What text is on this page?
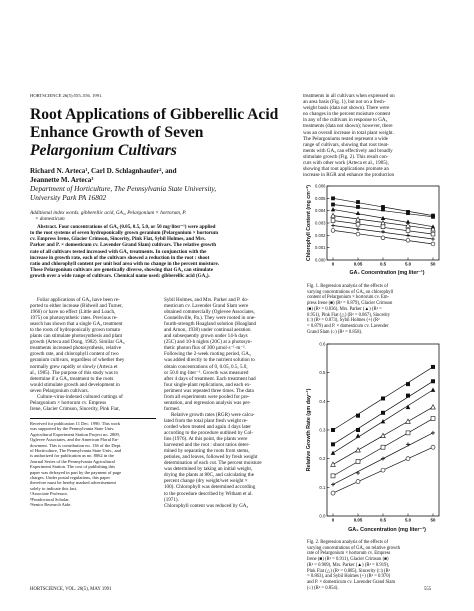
HORTSCIENCE 26(5):555–556. 1991.
Root Applications of Gibberellic Acid
Enhance Growth of Seven
Pelargonium Cultivars
Richard N. Arteca¹, Carl D. Schlagnhaufer², and
Jeannette M. Arteca³
Department of Horticulture, The Pennsylvania State University,
University Park PA 16802
Additional index words. gibberellic acid, GA₃, Pelargonium × hortorum, P.
× domesticum
Abstract. Four concentrations of GA₃ (0.05, 0.5, 5.0, or 50 mg·liter⁻¹) were applied
to the root systems of seven hydroponically grown geranium (Pelargonium × hortorum
cv. Empress Irene, Glacier Crimson, Sincerity, Pink Fiat, Sybil Holmes, and Mrs.
Parker and P. × domesticum cv. Lavender Grand Slam) cultivars. The relative growth
rate of all cultivars tested increased with GA₃ treatments. In conjunction with the
increase in growth rate, each of the cultivars showed a reduction in the root : shoot
ratio and chlorophyll content per unit leaf area with no change in the percent moisture.
These Pelargonium cultivars are genetically diverse, showing that GA₃ can stimulate
growth over a wide range of cultivars. Chemical name used: gibberellic acid (GA₃).
Foliar applications of GA₃ have been re-
ported to either increase (Bidwell and Turner,
1966) or have no effect (Little and Loach,
1975) on photosynthetic rates. Previous re-
search has shown that a single GA₃ treatment
to the roots of hydroponically grown tomato
plants can stimulate photosynthesis and plant
growth (Arteca and Dong, 1982). Similar GA₃
treatments increased photosynthesis, relative
growth rate, and chlorophyll content of two
geranium cultivars, regardless of whether they
normally grew rapidly or slowly (Arteca et
al., 1985). The purpose of this study was to
determine if a GA₃ treatment to the roots
would stimulate growth and development in
seven Pelargonium cultivars.
Culture-virus-indexed cultured cuttings of
Pelargonium × hortorum cv. Empress
Irene, Glacier Crimson, Sincerity, Pink Fiat,
Received for publication 11 Dec. 1990. This work
was supported by the Pennsylvania State Univ.
Agricultural Experiment Station Project no. 2809,
Oglevee Associates, and the American Floral En-
dowment. This is contribution no. 136 of the Dept.
of Horticulture, The Pennsylvania State Univ., and
is authorized for publication as no. 8062 in the
Journal Series of the Pennsylvania Agricultural
Experiment Station. The cost of publishing this
paper was defrayed in part by the payment of page
charges. Under postal regulations, this paper
therefore must be hereby marked advertisement
solely to indicate this fact.
¹Associate Professor.
²Postdoctoral Scholar.
³Senior Research Aide.
Sybil Holmes, and Mrs. Parker and P. do-
mesticum cv. Lavender Grand Slam were
obtained commercially (Oglevee Associates,
Connellsville, Pa.). They were rooted in one-
fourth-strength Hoagland solution (Hoagland
and Arnon, 1938) under continual aeration
and subsequently grown under 14-h days
(25C) and 10-h nights (20C) at a photosyn-
thetic photon flux of 300 µmol·s⁻¹·m⁻².
Following the 2-week rooting period, GA₃
was added directly to the nutrient solution to
obtain concentrations of 0, 0.05, 0.5, 5.0,
or 50.0 mg·liter⁻¹. Growth was measured
after 4 days of treatment. Each treatment had
four single-plant replications, and each ex-
periment was repeated three times. The data
from all experiments were pooled for pre-
sentation, and regression analysis was per-
formed.
Relative growth rates (RGR) were calcu-
lated from the total plant fresh weight re-
corded when treated and again 4 days later
according to the procedure outlined by Col-
lins (1976). At this point, the plants were
harvested and the root : shoot ratios deter-
mined by separating the roots from stems,
petioles, and leaves, followed by fresh weight
determination of each cut. The percent moisture
was determined by taking an initial weight,
drying the plants at 80C, and calculating the
percent change (dry weight/wet weight ×
100). Chlorophyll was determined according
to the procedure described by Witham et al.
(1971).
Chlorophyll content was reduced by GA₃
treatments in all cultivars when expressed on
an area basis (Fig. 1), but not on a fresh-
weight basis (data not shown). There were
no changes in the percent moisture content
in any of the cultivars in response to GA₃
treatments (data not shown); however, there
was an overall increase in total plant weight.
The Pelargoniums tested represent a wide
range of cultivars, showing that root treat-
ments with GA₃ can effectively and broadly
stimulate growth (Fig. 2). This result con-
curs with other work (Arteca et al., 1985),
showing that root applications promote an
increase in RGR and enhance the production
0.006
0.005
0.004
0.003
0.002
0.001
0.000
0	0.05	0.5	5.0	50
GA₃ Concentration (mg liter⁻¹)
Chlorophyll Content (mg cm⁻²)
Fig. 1. Regression analysis of the effects of
varying concentrations of GA₃ on chlorophyll
content of Pelargonium × hortorum cv. Em-
press Irene (■) (R² = 0.879), Glacier Crimson
(■) (R² = 0.836), Mrs. Parker (▲) (R² =
0.951), Pink Fiat (△) (R² = 0.867), Sincerity
(□) (R² = 0.873), Sybil Holmes (+) (R²
= 0.879) and P. × domesticum cv. Lavender
Grand Slam (○) (R² = 0.858).
0.6
0.5
0.4
0.3
0.2
0.1
0.0
0	0.05	0.5	5.0	50
GA₃ Concentration (mg liter⁻¹)
Relative Growth Rate (gm day⁻¹)
Fig. 2. Regression analysis of the effects of
varying concentrations of GA₃ on relative growth
rate of Pelargonium × hortorum cv. Empress
Irene (■) (R² = 0.911), Glacier Crimson (■)
(R² = 0.909), Mrs. Parker (▲) (R² = 0.919),
Pink Fiat (△) (R² = 0.885), Sincerity (□) (R²
= 0.863), and Sybil Holmes (+) (R² = 0.970)
and P. × domesticum cv. Lavender Grand Slam
(○) (R² = 0.854).
HORTSCIENCE, VOL. 26(5), MAY 1991	555
